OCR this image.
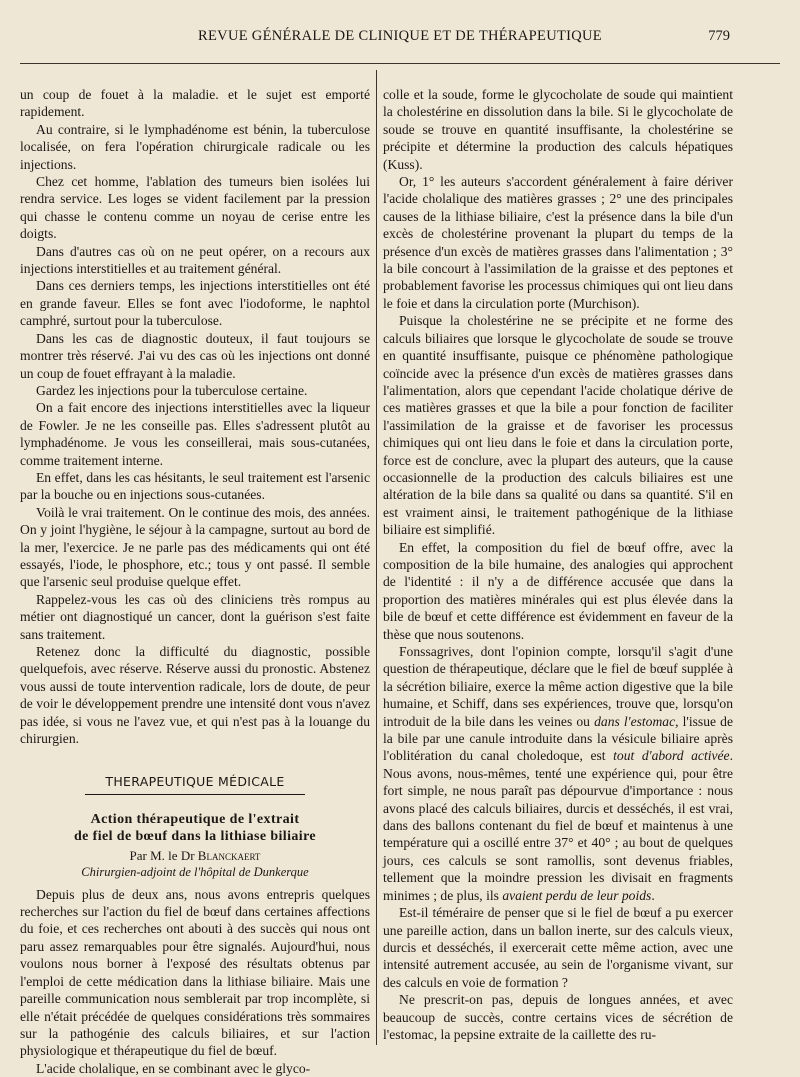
REVUE GÉNÉRALE DE CLINIQUE ET DE THÉRAPEUTIQUE	779

un coup de fouet à la maladie. et le sujet est emporté rapidement.

Au contraire, si le lymphadénome est bénin, la tuberculose localisée, on fera l'opération chirurgicale radicale ou les injections.

Chez cet homme, l'ablation des tumeurs bien isolées lui rendra service. Les loges se vident facilement par la pression qui chasse le contenu comme un noyau de cerise entre les doigts.

Dans d'autres cas où on ne peut opérer, on a recours aux injections interstitielles et au traitement général.

Dans ces derniers temps, les injections interstitielles ont été en grande faveur. Elles se font avec l'iodoforme, le naphtol camphré, surtout pour la tuberculose.

Dans les cas de diagnostic douteux, il faut toujours se montrer très réservé. J'ai vu des cas où les injections ont donné un coup de fouet effrayant à la maladie.

Gardez les injections pour la tuberculose certaine.

On a fait encore des injections interstitielles avec la liqueur de Fowler. Je ne les conseille pas. Elles s'adressent plutôt au lymphadénome. Je vous les conseillerai, mais sous-cutanées, comme traitement interne.

En effet, dans les cas hésitants, le seul traitement est l'arsenic par la bouche ou en injections sous-cutanées.

Voilà le vrai traitement. On le continue des mois, des années. On y joint l'hygiène, le séjour à la campagne, surtout au bord de la mer, l'exercice. Je ne parle pas des médicaments qui ont été essayés, l'iode, le phosphore, etc.; tous y ont passé. Il semble que l'arsenic seul produise quelque effet.

Rappelez-vous les cas où des cliniciens très rompus au métier ont diagnostiqué un cancer, dont la guérison s'est faite sans traitement.

Retenez donc la difficulté du diagnostic, possible quelquefois, avec réserve. Réserve aussi du pronostic. Abstenez vous aussi de toute intervention radicale, lors de doute, de peur de voir le développement prendre une intensité dont vous n'avez pas idée, si vous ne l'avez vue, et qui n'est pas à la louange du chirurgien.

THERAPEUTIQUE MÉDICALE
Action thérapeutique de l'extrait
de fiel de bœuf dans la lithiase biliaire
Par M. le Dr Blanckaert
Chirurgien-adjoint de l'hôpital de Dunkerque

Depuis plus de deux ans, nous avons entrepris quelques recherches sur l'action du fiel de bœuf dans certaines affections du foie, et ces recherches ont abouti à des succès qui nous ont paru assez remarquables pour être signalés. Aujourd'hui, nous voulons nous borner à l'exposé des résultats obtenus par l'emploi de cette médication dans la lithiase biliaire. Mais une pareille communication nous semblerait par trop incomplète, si elle n'était précédée de quelques considérations très sommaires sur la pathogénie des calculs biliaires, et sur l'action physiologique et thérapeutique du fiel de bœuf.

L'acide cholalique, en se combinant avec le glyco-

colle et la soude, forme le glycocholate de soude qui maintient la cholestérine en dissolution dans la bile. Si le glycocholate de soude se trouve en quantité insuffisante, la cholestérine se précipite et détermine la production des calculs hépatiques (Kuss).

Or, 1° les auteurs s'accordent généralement à faire dériver l'acide cholalique des matières grasses ; 2° une des principales causes de la lithiase biliaire, c'est la présence dans la bile d'un excès de cholestérine provenant la plupart du temps de la présence d'un excès de matières grasses dans l'alimentation ; 3° la bile concourt à l'assimilation de la graisse et des peptones et probablement favorise les processus chimiques qui ont lieu dans le foie et dans la circulation porte (Murchison).

Puisque la cholestérine ne se précipite et ne forme des calculs biliaires que lorsque le glycocholate de soude se trouve en quantité insuffisante, puisque ce phénomène pathologique coïncide avec la présence d'un excès de matières grasses dans l'alimentation, alors que cependant l'acide cholatique dérive de ces matières grasses et que la bile a pour fonction de faciliter l'assimilation de la graisse et de favoriser les processus chimiques qui ont lieu dans le foie et dans la circulation porte, force est de conclure, avec la plupart des auteurs, que la cause occasionnelle de la production des calculs biliaires est une altération de la bile dans sa qualité ou dans sa quantité. S'il en est vraiment ainsi, le traitement pathogénique de la lithiase biliaire est simplifié.

En effet, la composition du fiel de bœuf offre, avec la composition de la bile humaine, des analogies qui approchent de l'identité : il n'y a de différence accusée que dans la proportion des matières minérales qui est plus élevée dans la bile de bœuf et cette différence est évidemment en faveur de la thèse que nous soutenons.

Fonssagrives, dont l'opinion compte, lorsqu'il s'agit d'une question de thérapeutique, déclare que le fiel de bœuf supplée à la sécrétion biliaire, exerce la même action digestive que la bile humaine, et Schiff, dans ses expériences, trouve que, lorsqu'on introduit de la bile dans les veines ou dans l'estomac, l'issue de la bile par une canule introduite dans la vésicule biliaire après l'oblitération du canal choledoque, est tout d'abord activée. Nous avons, nous-mêmes, tenté une expérience qui, pour être fort simple, ne nous paraît pas dépourvue d'importance : nous avons placé des calculs biliaires, durcis et desséchés, il est vrai, dans des ballons contenant du fiel de bœuf et maintenus à une température qui a oscillé entre 37° et 40° ; au bout de quelques jours, ces calculs se sont ramollis, sont devenus friables, tellement que la moindre pression les divisait en fragments minimes ; de plus, ils avaient perdu de leur poids.

Est-il téméraire de penser que si le fiel de bœuf a pu exercer une pareille action, dans un ballon inerte, sur des calculs vieux, durcis et desséchés, il exercerait cette même action, avec une intensité autrement accusée, au sein de l'organisme vivant, sur des calculs en voie de formation ?

Ne prescrit-on pas, depuis de longues années, et avec beaucoup de succès, contre certains vices de sécrétion de l'estomac, la pepsine extraite de la caillette des ru-
